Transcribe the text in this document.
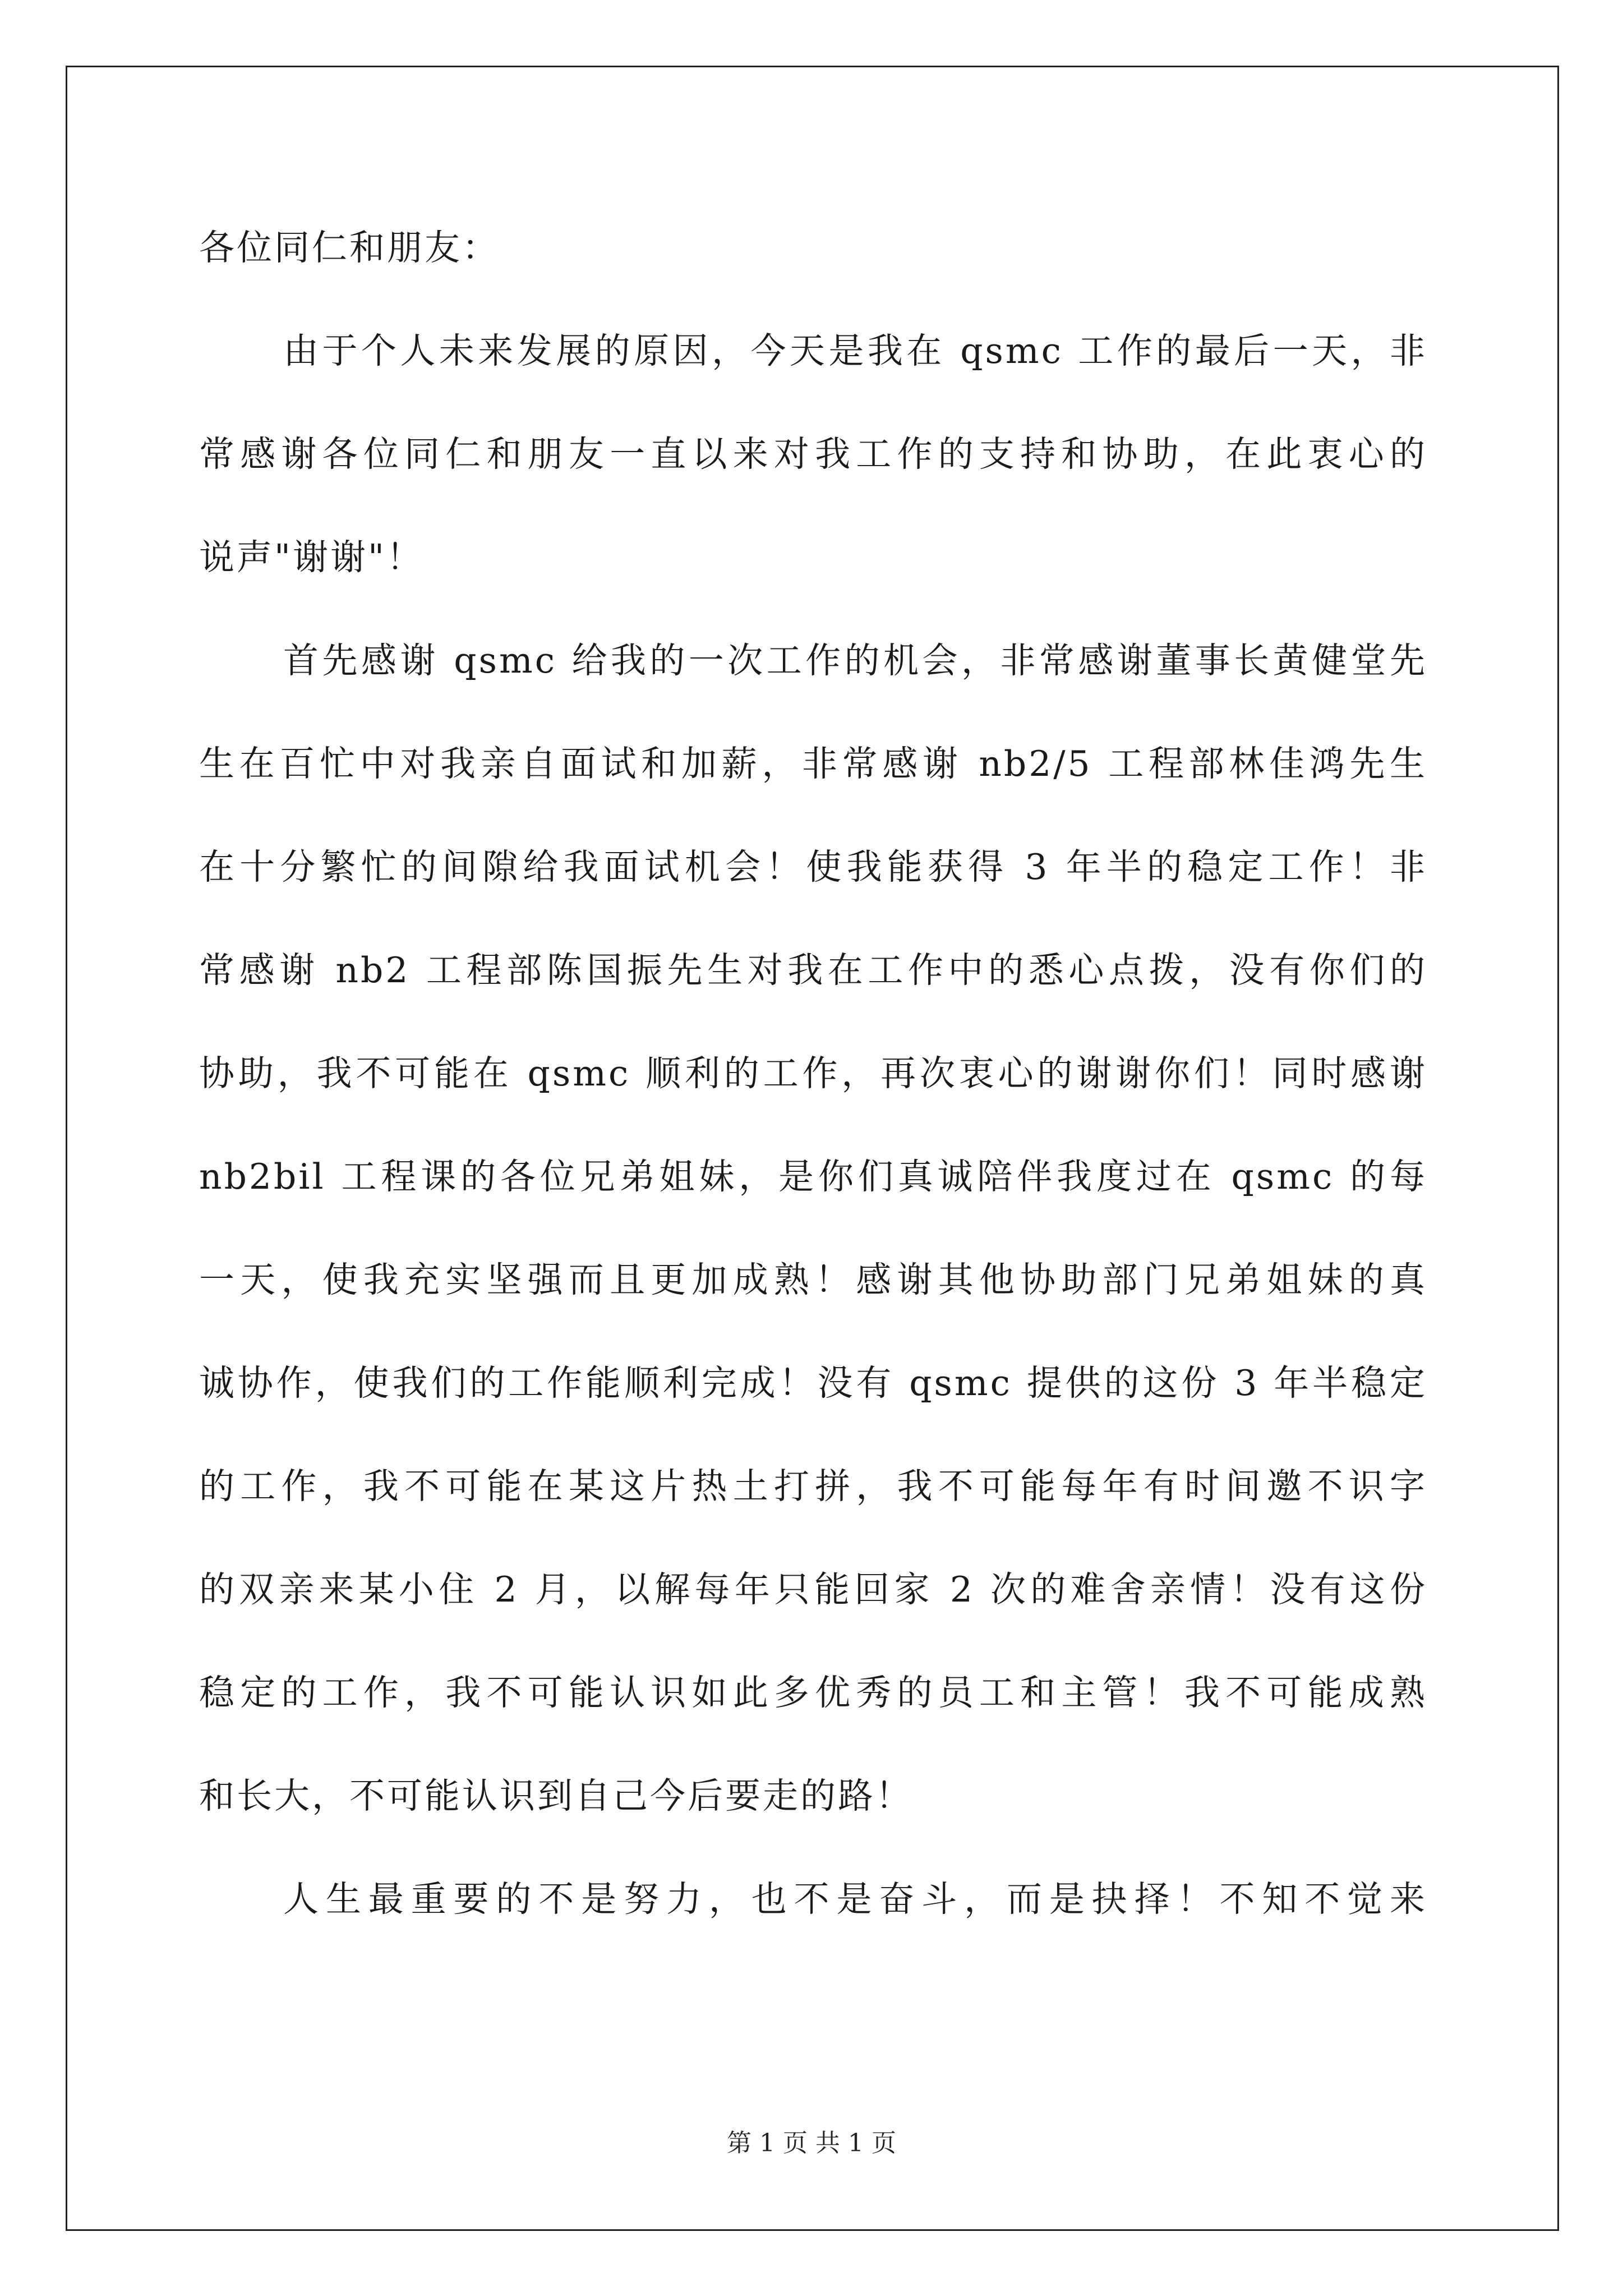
各位同仁和朋友：
由于个人未来发展的原因，今天是我在 qsmc 工作的最后一天，非
常感谢各位同仁和朋友一直以来对我工作的支持和协助，在此衷心的
说声"谢谢"！
首先感谢 qsmc 给我的一次工作的机会，非常感谢董事长黄健堂先
生在百忙中对我亲自面试和加薪，非常感谢 nb2/5 工程部林佳鸿先生
在十分繁忙的间隙给我面试机会！使我能获得 3 年半的稳定工作！非
常感谢 nb2 工程部陈国振先生对我在工作中的悉心点拨，没有你们的
协助，我不可能在 qsmc 顺利的工作，再次衷心的谢谢你们！同时感谢
nb2bil 工程课的各位兄弟姐妹，是你们真诚陪伴我度过在 qsmc 的每
一天，使我充实坚强而且更加成熟！感谢其他协助部门兄弟姐妹的真
诚协作，使我们的工作能顺利完成！没有 qsmc 提供的这份 3 年半稳定
的工作，我不可能在某这片热土打拼，我不可能每年有时间邀不识字
的双亲来某小住 2 月，以解每年只能回家 2 次的难舍亲情！没有这份
稳定的工作，我不可能认识如此多优秀的员工和主管！我不可能成熟
和长大，不可能认识到自己今后要走的路！
人生最重要的不是努力，也不是奋斗，而是抉择！不知不觉来
第 1 页 共 1 页
